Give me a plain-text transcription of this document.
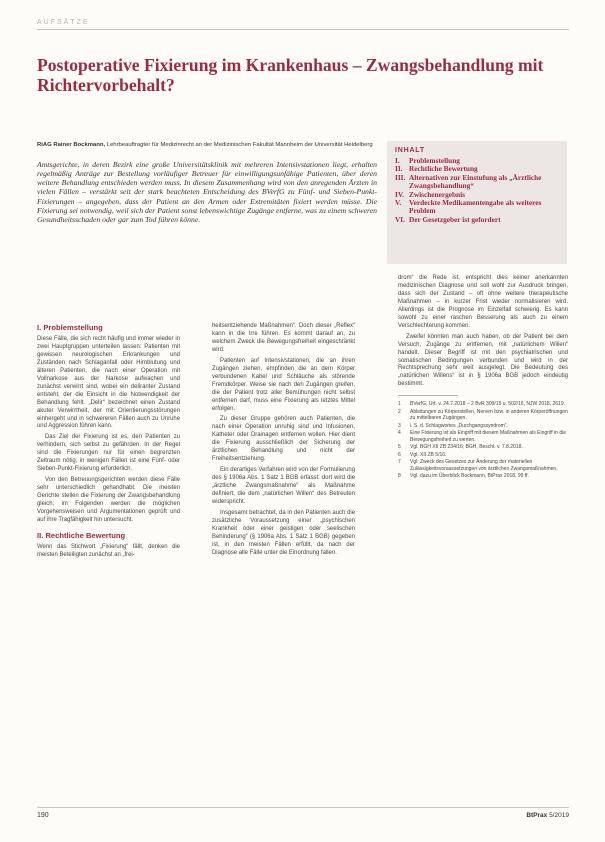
AUFSÄTZE
Postoperative Fixierung im Krankenhaus – Zwangsbehandlung mit Richtervorbehalt?
RiAG Rainer Bockmann, Lehrbeauftragter für Medizinrecht an der Medizinischen Fakultät Mannheim der Universität Heidelberg
Amtsgerichte, in deren Bezirk eine große Universitätsklinik mit mehreren Intensivstationen liegt, erhalten regelmäßig Anträge zur Bestellung vorläufiger Betreuer für einwilligungsunfähige Patienten, über deren weitere Behandlung entschieden werden muss. In diesem Zusammenhang wird von den anregenden Ärzten in vielen Fällen – verstärkt seit der stark beachteten Entscheidung des BVerfG zu Fünf- und Sieben-Punkt-Fixierungen – angegeben, dass der Patient an den Armen oder Extremitäten fixiert werden müsse. Die Fixierung sei notwendig, weil sich der Patient sonst lebenswichtige Zugänge entferne, was zu einem schweren Gesundheitsschaden oder gar zum Tod führen könne.
INHALT
I.	Problemstellung
II. Rechtliche Bewertung
III. Alternativen zur Einstufung als „Ärztliche Zwangsbehandlung“
IV. Zwischenergebnis
V.	Verdeckte Medikamentengabe als weiteres Problem
VI. Der Gesetzgeber ist gefordert
I. Problemstellung

Diese Fälle, die sich recht häufig und immer wieder in zwei Hauptgruppen unterteilen lassen: Patienten mit gewissen neurologischen Erkrankungen und Zuständen nach Schlaganfall oder Hirnblutung und älteren Patienten, die nach einer Operation mit Vollnarkose aus der Narkose aufwachen und zunächst verwirrt sind, wobei ein deliranter Zustand entsteht, der die Einsicht in die Notwendigkeit der Behandlung fehlt. „Delir“ bezeichnet einen Zustand akuter Verwirrtheit, der mit Orientierungsstörungen einhergeht und in schwereren Fällen auch zu Unruhe und Aggression führen kann.

Das Ziel der Fixierung ist es, den Patienten zu verhindern, sich selbst zu gefährden. In der Regel sind die Fixierungen nur für einen begrenzten Zeitraum nötig; in wenigen Fällen ist eine Fünf- oder Sieben-Punkt-Fixierung erforderlich.

Von den Betreuungsgerichten werden diese Fälle sehr unterschiedlich gehandhabt. Die meisten Gerichte stellen die Fixierung der Zwangsbehandlung gleich; im Folgenden werden die möglichen Vorgehensweisen und Argumentationen geprüft und auf ihre Tragfähigkeit hin untersucht.

II. Rechtliche Bewertung

Wenn das Stichwort „Fixierung“ fällt, denken die meisten Beteiligten zunächst an „frei-

heitsentziehende Maßnahmen“. Doch dieser „Reflex“ kann in die Irre führen. Es kommt darauf an, zu welchem Zweck die Bewegungsfreiheit eingeschränkt wird.

Patienten auf Intensivstationen, die an ihren Zugängen ziehen, empfinden die an dem Körper verbundenen Kabel und Schläuche als störende Fremdkörper. Weise sie nach den Zugängen greifen, die der Patient trotz aller Bemühungen nicht selbst entfernen darf, muss eine Fixierung als letztes Mittel erfolgen.

Zu dieser Gruppe gehören auch Patienten, die nach einer Operation unruhig sind und Infusionen, Katheter oder Drainagen entfernen wollen. Hier dient die Fixierung ausschließlich der Sicherung der ärztlichen Behandlung und nicht der Freiheitsentziehung.

Ein derartiges Verfahren wird von der Formulierung des § 1906a Abs. 1 Satz 1 BGB erfasst: dort wird die „ärztliche Zwangsmaßnahme“ als Maßnahme definiert, die dem „natürlichen Willen“ des Betreuten widerspricht.

Insgesamt betrachtet, da in den Patienten auch die zusätzliche Voraussetzung einer „psychischen Krankheit oder einer geistigen oder seelischen Behinderung“ (§ 1906a Abs. 1 Satz 1 BGB) gegeben ist, in den meisten Fällen erfüllt, da nach der Diagnose alle Fälle unter die Einordnung fallen.

drom“ die Rede ist, entspricht dies keiner anerkannten medizinischen Diagnose und soll wohl zur Ausdruck bringen, dass sich der Zustand – oft ohne weitere therapeutische Maßnahmen – in kurzer Frist wieder normalisieren wird. Allerdings ist die Prognose im Einzelfall schwierig. Es kann sowohl zu einer raschen Besserung als auch zu einem Verschlechterung kommen.

Zweifel könnten man auch haben, ob der Patient bei dem Versuch, Zugänge zu entfernen, mit „natürlichem Willen“ handelt. Dieser Begriff ist mit den psychiatrischen und somatischen Bedingungen verbunden und wird in der Rechtsprechung sehr weit ausgelegt. Die Bedeutung des „natürlichen Willens“ ist in § 1906a BGB jedoch eindeutig bestimmt.

1	BVerfG, Urt. v. 24.7.2018 – 2 BvR 309/15 u. 502/16, NJW 2018, 2619.
2	Ableitungen zu Körperstellen, Nerven bzw. in anderen Körperöffnungen zu mittelbaren Zugängen.
3	i. S. d. Schlagwortes „Durchgangssyndrom“.
4	Eine Fixierung ist als Eingriff mit diesem Maßnahmen als Eingriff in die Bewegungsfreiheit zu werten.
5	Vgl. BGH XII ZB 234/16; BGH, Beschl. v. 7.8.2018.
6	Vgl. XII ZB 5/16.
7	Vgl. Zweck des Gesetzes zur Änderung der materiellen Zulässigkeitsvoraussetzungen von ärztlichen Zwangsmaßnahmen.
8	Vgl. dazu im Überblick Bockmann, BtPrax 2018, 99 ff.
190	BtPrax 5/2019
